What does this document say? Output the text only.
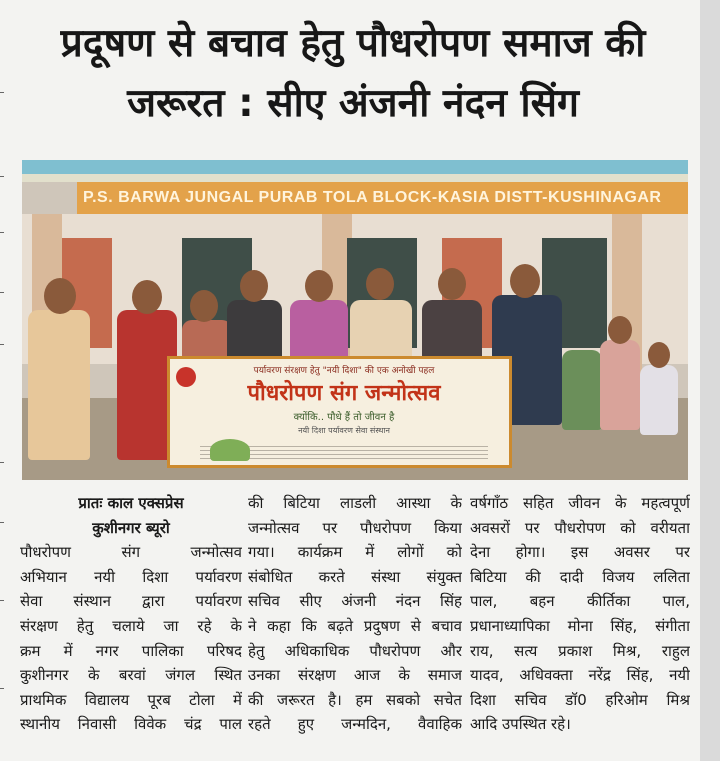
प्रदूषण से बचाव हेतु पौधरोपण समाज की
जरूरत : सीए अंजनी नंदन सिंग
P.S. BARWA JUNGAL PURAB TOLA BLOCK-KASIA DISTT-KUSHINAGAR
पर्यावरण संरक्षण हेतु "नयी दिशा" की एक अनोखी पहल
पौधरोपण संग जन्मोत्सव
क्योंकि.. पौधे हैं तो जीवन है
नयी दिशा पर्यावरण सेवा संस्थान
प्रातः काल एक्सप्रेस
कुशीनगर ब्यूरो
पौधरोपण संग जन्मोत्सव
अभियान नयी दिशा पर्यावरण
सेवा संस्थान द्वारा पर्यावरण
संरक्षण हेतु चलाये जा रहे के
क्रम में नगर पालिका परिषद
कुशीनगर के बरवां जंगल स्थित
प्राथमिक विद्यालय पूरब टोला में
स्थानीय निवासी विवेक चंद्र पाल
की बिटिया लाडली आस्था के
जन्मोत्सव पर पौधरोपण किया
गया। कार्यक्रम में लोगों को
संबोधित करते संस्था संयुक्त
सचिव सीए अंजनी नंदन सिंह
ने कहा कि बढ़ते प्रदुषण से बचाव
हेतु अधिकाधिक पौधरोपण और
उनका संरक्षण आज के समाज
की जरूरत है। हम सबको सचेत
रहते हुए जन्मदिन, वैवाहिक
वर्षगाँठ सहित जीवन के महत्वपूर्ण
अवसरों पर पौधरोपण को वरीयता
देना होगा। इस अवसर पर
बिटिया की दादी विजय ललिता
पाल, बहन कीर्तिका पाल,
प्रधानाध्यापिका मोना सिंह, संगीता
राय, सत्य प्रकाश मिश्र, राहुल
यादव, अधिवक्ता नरेंद्र सिंह, नयी
दिशा सचिव डॉ0 हरिओम मिश्र
आदि उपस्थित रहे।
